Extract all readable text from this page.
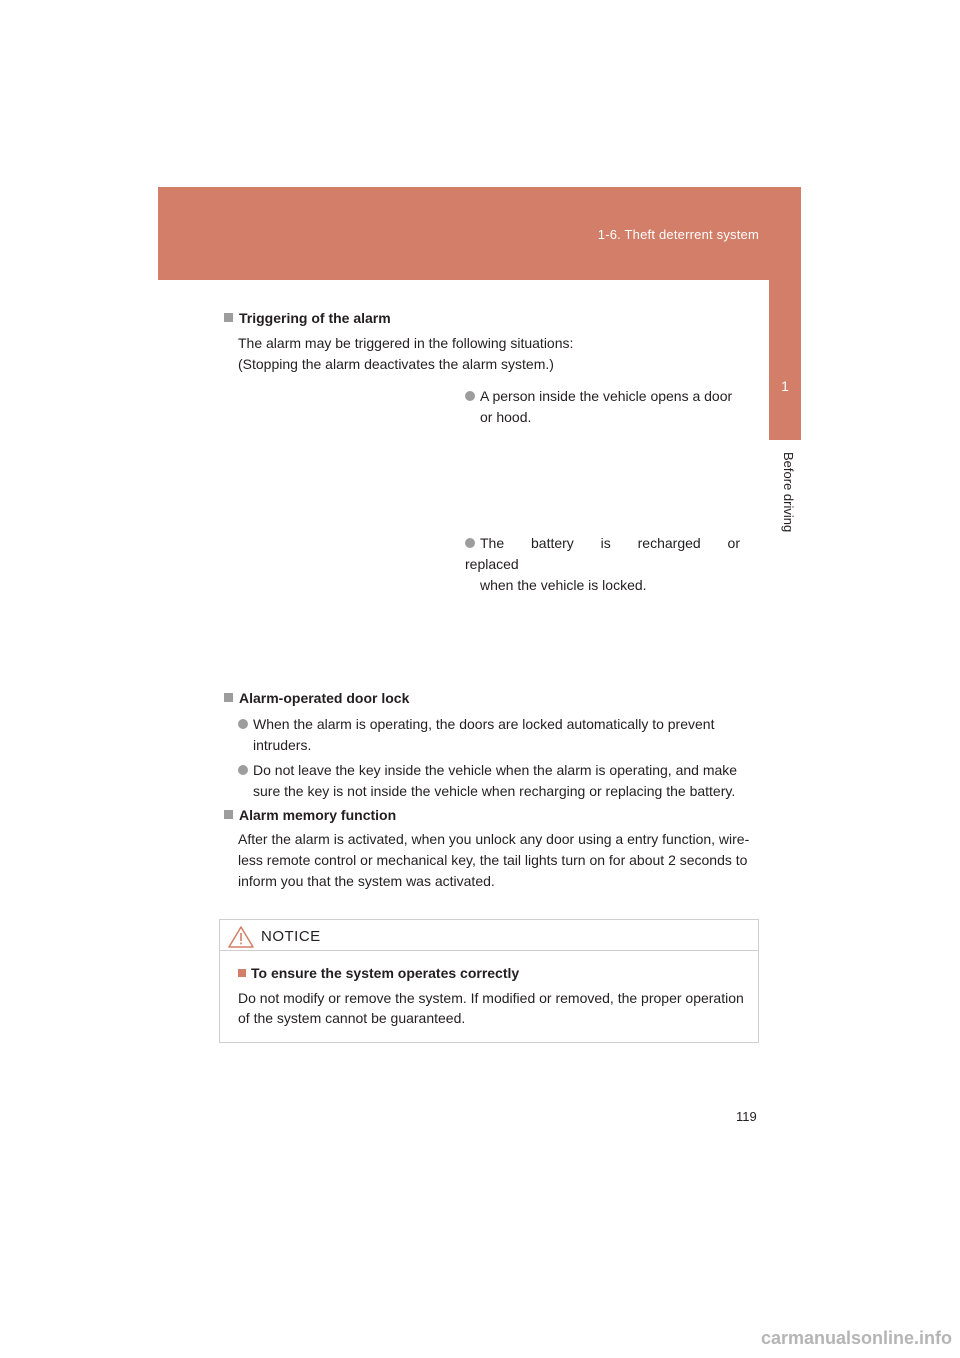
1-6. Theft deterrent system
1
Before driving
Triggering of the alarm
The alarm may be triggered in the following situations:
(Stopping the alarm deactivates the alarm system.)
A person inside the vehicle opens a door
or hood.
The battery is recharged or replaced
when the vehicle is locked.
Alarm-operated door lock
When the alarm is operating, the doors are locked automatically to prevent
intruders.
Do not leave the key inside the vehicle when the alarm is operating, and make
sure the key is not inside the vehicle when recharging or replacing the battery.
Alarm memory function
After the alarm is activated, when you unlock any door using a entry function, wire-
less remote control or mechanical key, the tail lights turn on for about 2 seconds to
inform you that the system was activated.
NOTICE
To ensure the system operates correctly
Do not modify or remove the system. If modified or removed, the proper operation
of the system cannot be guaranteed.
119
carmanualsonline.info
